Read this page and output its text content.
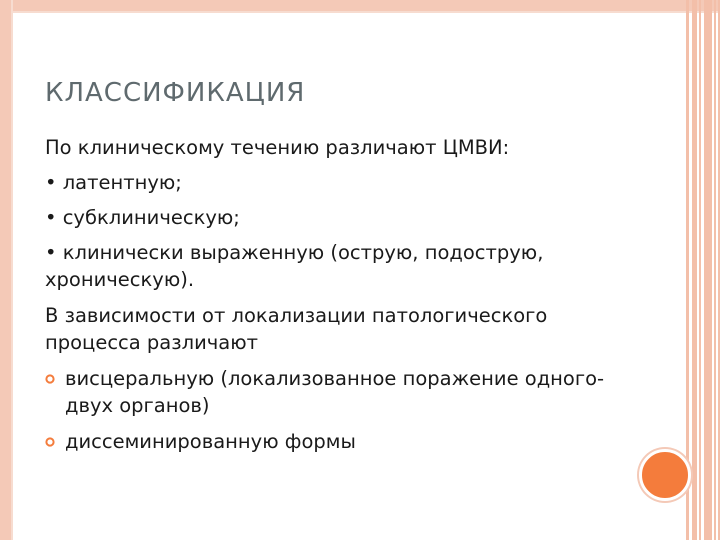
КЛАССИФИКАЦИЯ

По клиническому течению различают ЦМВИ:

• латентную;

• субклиническую;

• клинически выраженную (острую, подострую, хроническую).

В зависимости от локализации патологического процесса различают

висцеральную (локализованное поражение одного-двух органов)
диссеминированную формы
